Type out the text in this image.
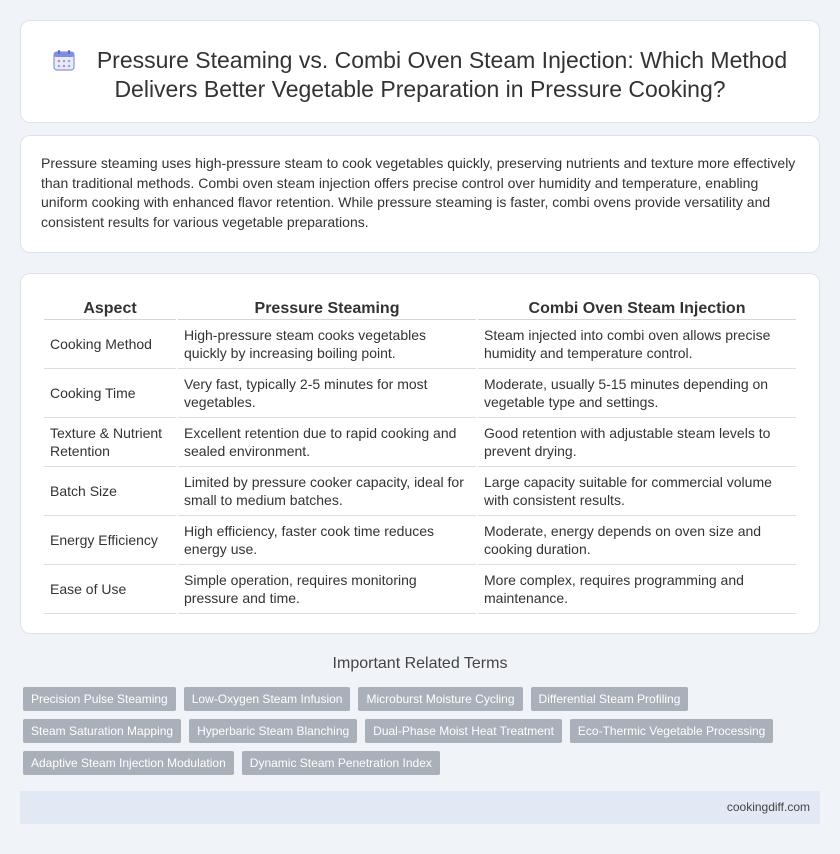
Pressure Steaming vs. Combi Oven Steam Injection: Which Method Delivers Better Vegetable Preparation in Pressure Cooking?

Pressure steaming uses high-pressure steam to cook vegetables quickly, preserving nutrients and texture more effectively than traditional methods. Combi oven steam injection offers precise control over humidity and temperature, enabling uniform cooking with enhanced flavor retention. While pressure steaming is faster, combi ovens provide versatility and consistent results for various vegetable preparations.

Aspect	Pressure Steaming	Combi Oven Steam Injection
Cooking Method	High-pressure steam cooks vegetables quickly by increasing boiling point.	Steam injected into combi oven allows precise humidity and temperature control.
Cooking Time	Very fast, typically 2-5 minutes for most vegetables.	Moderate, usually 5-15 minutes depending on vegetable type and settings.
Texture & Nutrient Retention	Excellent retention due to rapid cooking and sealed environment.	Good retention with adjustable steam levels to prevent drying.
Batch Size	Limited by pressure cooker capacity, ideal for small to medium batches.	Large capacity suitable for commercial volume with consistent results.
Energy Efficiency	High efficiency, faster cook time reduces energy use.	Moderate, energy depends on oven size and cooking duration.
Ease of Use	Simple operation, requires monitoring pressure and time.	More complex, requires programming and maintenance.
Important Related Terms
Precision Pulse Steaming	Low-Oxygen Steam Infusion	Microburst Moisture Cycling	Differential Steam Profiling
Steam Saturation Mapping	Hyperbaric Steam Blanching	Dual-Phase Moist Heat Treatment	Eco-Thermic Vegetable Processing
Adaptive Steam Injection Modulation	Dynamic Steam Penetration Index
cookingdiff.com
